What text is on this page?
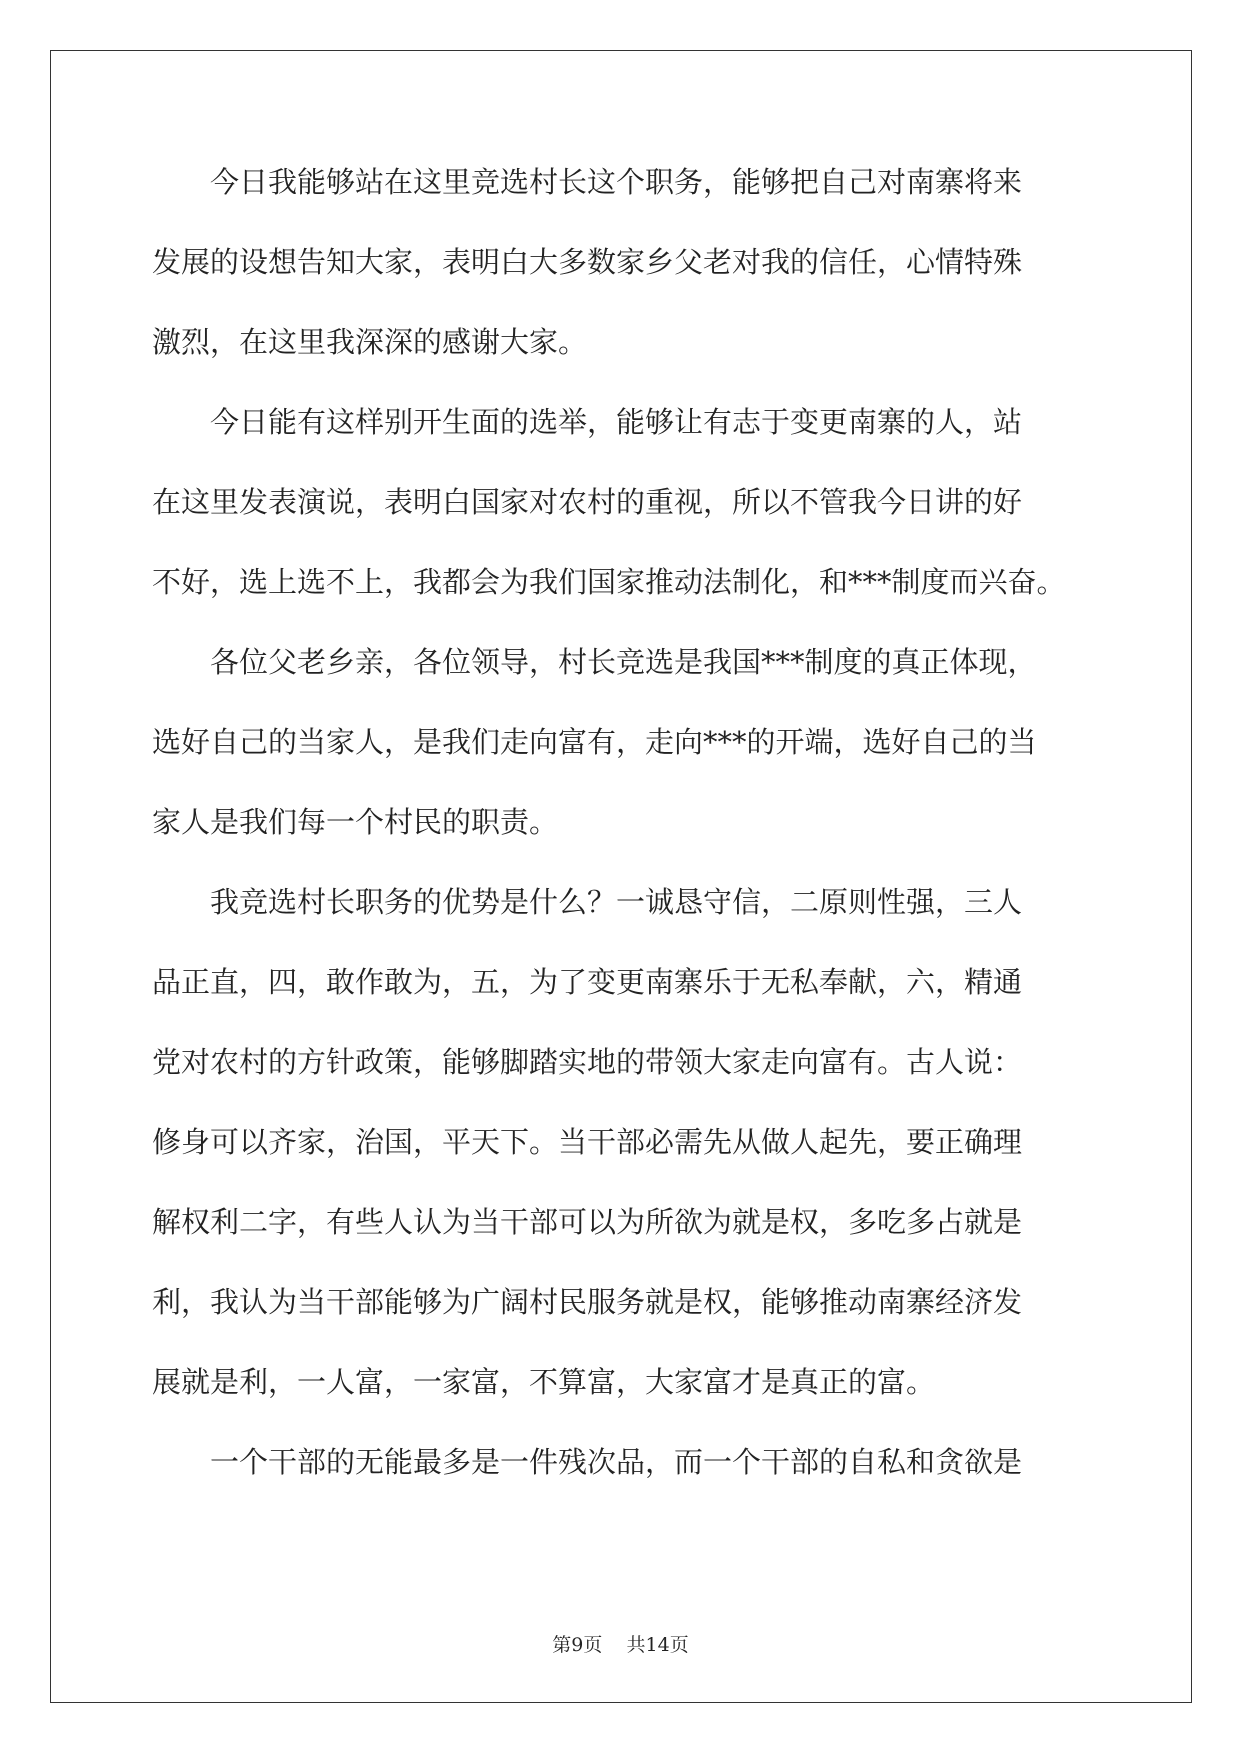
　　今日我能够站在这里竞选村长这个职务，能够把自己对南寨将来
发展的设想告知大家，表明白大多数家乡父老对我的信任，心情特殊
激烈，在这里我深深的感谢大家。
　　今日能有这样别开生面的选举，能够让有志于变更南寨的人，站
在这里发表演说，表明白国家对农村的重视，所以不管我今日讲的好
不好，选上选不上，我都会为我们国家推动法制化，和***制度而兴奋。
　　各位父老乡亲，各位领导，村长竞选是我国***制度的真正体现，
选好自己的当家人，是我们走向富有，走向***的开端，选好自己的当
家人是我们每一个村民的职责。
　　我竞选村长职务的优势是什么？一诚恳守信，二原则性强，三人
品正直，四，敢作敢为，五，为了变更南寨乐于无私奉献，六，精通
党对农村的方针政策，能够脚踏实地的带领大家走向富有。古人说：
修身可以齐家，治国，平天下。当干部必需先从做人起先，要正确理
解权利二字，有些人认为当干部可以为所欲为就是权，多吃多占就是
利，我认为当干部能够为广阔村民服务就是权，能够推动南寨经济发
展就是利，一人富，一家富，不算富，大家富才是真正的富。
　　一个干部的无能最多是一件残次品，而一个干部的自私和贪欲是
第9页 共14页
